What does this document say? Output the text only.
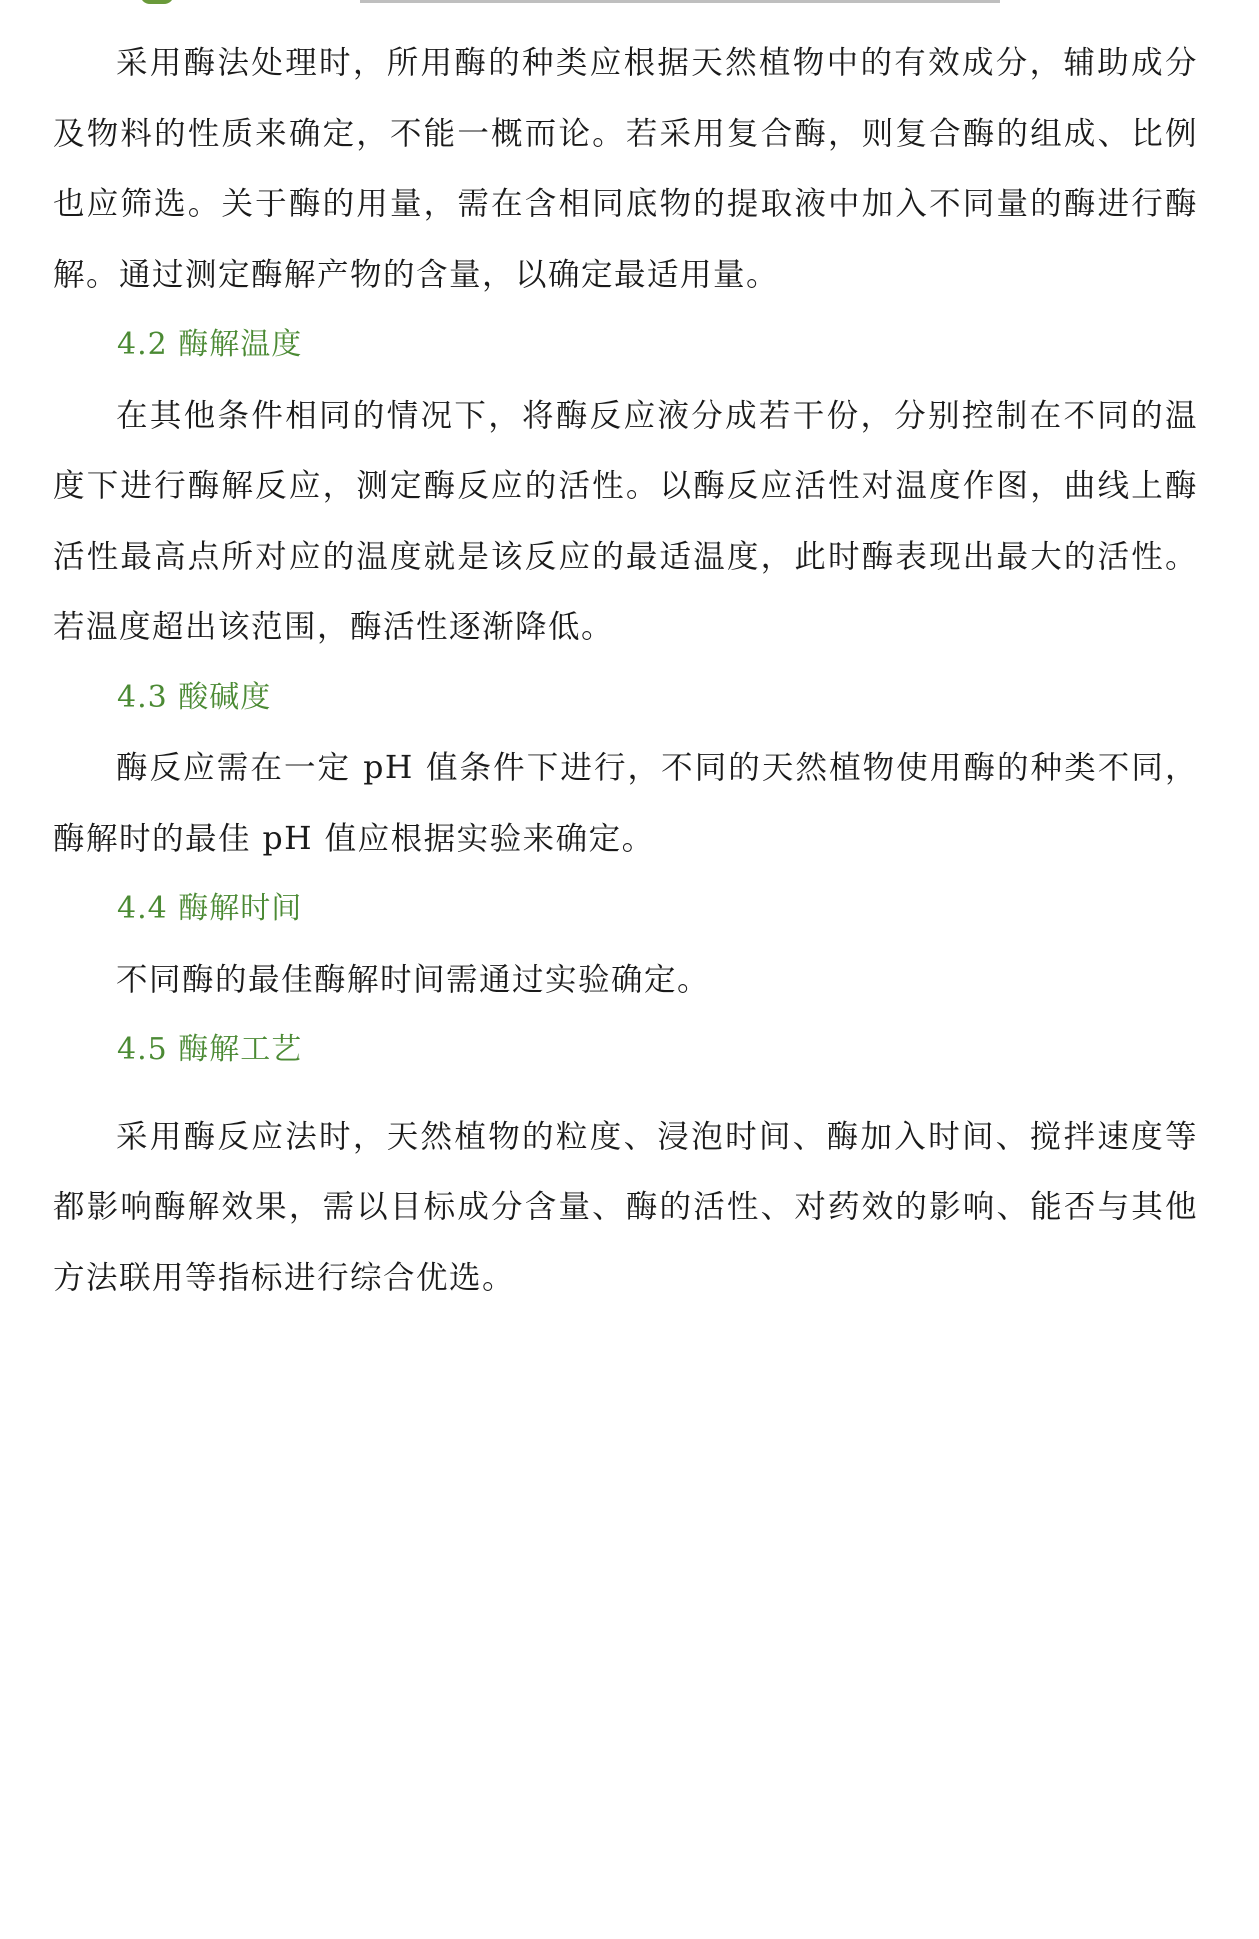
采用酶法处理时，所用酶的种类应根据天然植物中的有效成分，辅助成分及物料的性质来确定，不能一概而论。若采用复合酶，则复合酶的组成、比例也应筛选。关于酶的用量，需在含相同底物的提取液中加入不同量的酶进行酶解。通过测定酶解产物的含量，以确定最适用量。

4.2 酶解温度

在其他条件相同的情况下，将酶反应液分成若干份，分别控制在不同的温度下进行酶解反应，测定酶反应的活性。以酶反应活性对温度作图，曲线上酶活性最高点所对应的温度就是该反应的最适温度，此时酶表现出最大的活性。若温度超出该范围，酶活性逐渐降低。

4.3 酸碱度

酶反应需在一定 pH 值条件下进行，不同的天然植物使用酶的种类不同，酶解时的最佳 pH 值应根据实验来确定。

4.4 酶解时间

不同酶的最佳酶解时间需通过实验确定。

4.5 酶解工艺

采用酶反应法时，天然植物的粒度、浸泡时间、酶加入时间、搅拌速度等都影响酶解效果，需以目标成分含量、酶的活性、对药效的影响、能否与其他方法联用等指标进行综合优选。
